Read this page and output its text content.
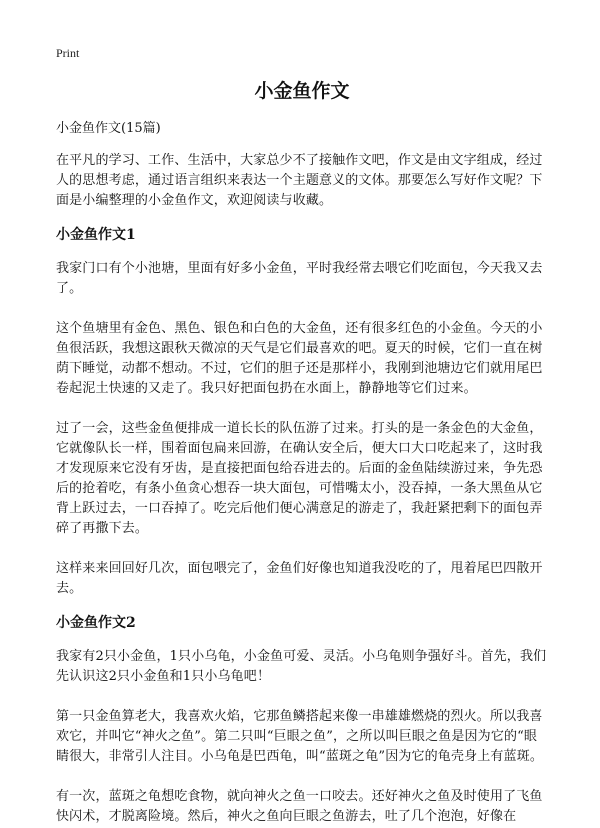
Print
小金鱼作文
小金鱼作文(15篇)

在平凡的学习、工作、生活中，大家总少不了接触作文吧，作文是由文字组成，经过人的思想考虑，通过语言组织来表达一个主题意义的文体。那要怎么写好作文呢？下面是小编整理的小金鱼作文，欢迎阅读与收藏。

小金鱼作文1

我家门口有个小池塘，里面有好多小金鱼，平时我经常去喂它们吃面包，今天我又去了。

这个鱼塘里有金色、黑色、银色和白色的大金鱼，还有很多红色的小金鱼。今天的小鱼很活跃，我想这跟秋天微凉的天气是它们最喜欢的吧。夏天的时候，它们一直在树荫下睡觉，动都不想动。不过，它们的胆子还是那样小，我刚到池塘边它们就用尾巴卷起泥土快速的又走了。我只好把面包扔在水面上，静静地等它们过来。

过了一会，这些金鱼便排成一道长长的队伍游了过来。打头的是一条金色的大金鱼，它就像队长一样，围着面包扁来回游，在确认安全后，便大口大口吃起来了，这时我才发现原来它没有牙齿，是直接把面包给吞进去的。后面的金鱼陆续游过来，争先恐后的抢着吃，有条小鱼贪心想吞一块大面包，可惜嘴太小，没吞掉，一条大黑鱼从它背上跃过去，一口吞掉了。吃完后他们便心满意足的游走了，我赶紧把剩下的面包弄碎了再撒下去。

这样来来回回好几次，面包喂完了，金鱼们好像也知道我没吃的了，甩着尾巴四散开去。

小金鱼作文2

我家有2只小金鱼，1只小乌龟，小金鱼可爱、灵活。小乌龟则争强好斗。首先，我们先认识这2只小金鱼和1只小乌龟吧！

第一只金鱼算老大，我喜欢火焰，它那鱼鳞搭起来像一串雄雄燃烧的烈火。所以我喜欢它，并叫它“神火之鱼”。第二只叫“巨眼之鱼”，之所以叫巨眼之鱼是因为它的“眼睛很大，非常引人注目。小乌龟是巴西龟，叫“蓝斑之龟”因为它的龟壳身上有蓝斑。

有一次，蓝斑之龟想吃食物，就向神火之鱼一口咬去。还好神火之鱼及时使用了飞鱼快闪术，才脱离险境。然后，神火之鱼向巨眼之鱼游去，吐了几个泡泡，好像在
